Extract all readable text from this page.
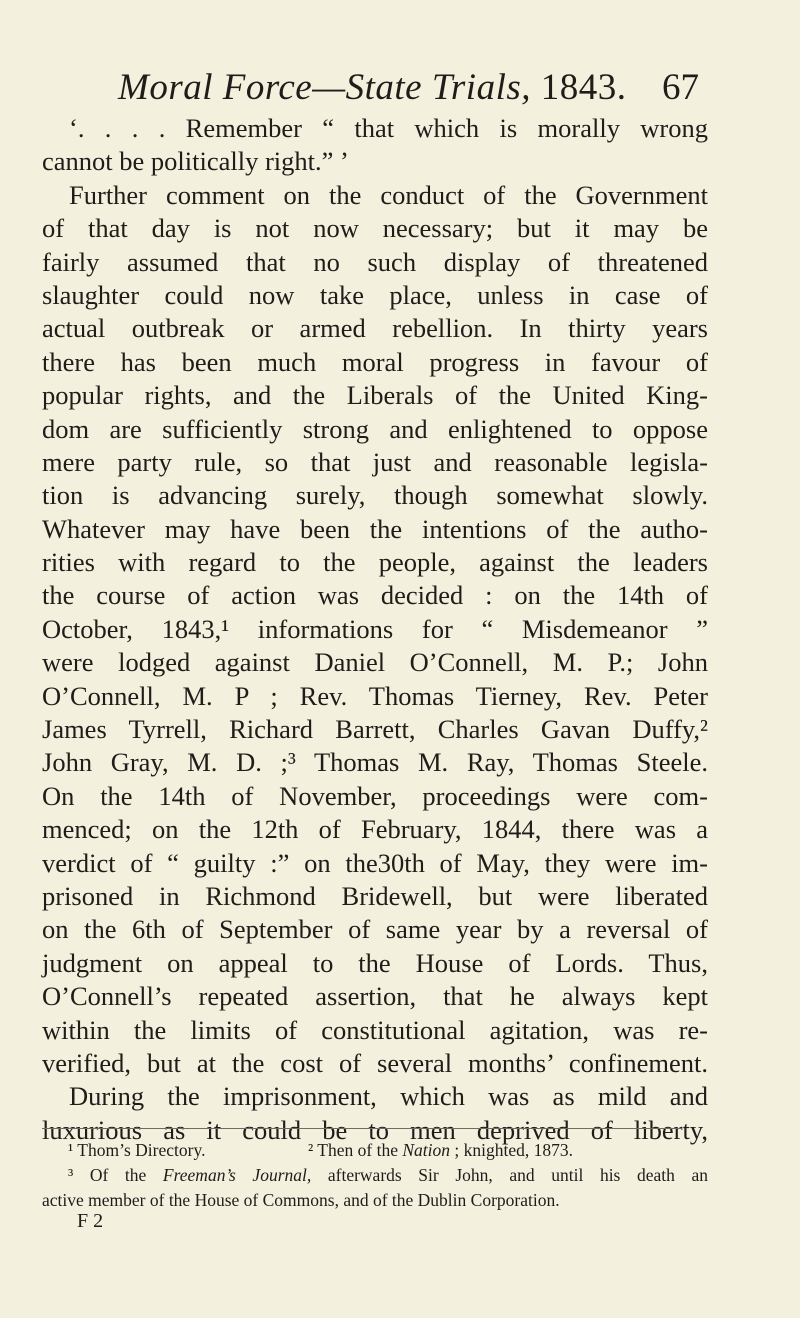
Moral Force—State Trials, 1843. 67
‘. . . . Remember “ that which is morally wrong
cannot be politically right.” ’
Further comment on the conduct of the Government
of that day is not now necessary; but it may be
fairly assumed that no such display of threatened
slaughter could now take place, unless in case of
actual outbreak or armed rebellion. In thirty years
there has been much moral progress in favour of
popular rights, and the Liberals of the United King-
dom are sufficiently strong and enlightened to oppose
mere party rule, so that just and reasonable legisla-
tion is advancing surely, though somewhat slowly.
Whatever may have been the intentions of the autho-
rities with regard to the people, against the leaders
the course of action was decided : on the 14th of
October, 1843,¹ informations for “ Misdemeanor ”
were lodged against Daniel O’Connell, M. P.; John
O’Connell, M. P ; Rev. Thomas Tierney, Rev. Peter
James Tyrrell, Richard Barrett, Charles Gavan Duffy,²
John Gray, M. D. ;³ Thomas M. Ray, Thomas Steele.
On the 14th of November, proceedings were com-
menced; on the 12th of February, 1844, there was a
verdict of “ guilty :” on the30th of May, they were im-
prisoned in Richmond Bridewell, but were liberated
on the 6th of September of same year by a reversal of
judgment on appeal to the House of Lords. Thus,
O’Connell’s repeated assertion, that he always kept
within the limits of constitutional agitation, was re-
verified, but at the cost of several months’ confinement.
During the imprisonment, which was as mild and
luxurious as it could be to men deprived of liberty,
¹ Thom’s Directory.	² Then of the Nation ; knighted, 1873.
³ Of the Freeman’s Journal, afterwards Sir John, and until his death an
active member of the House of Commons, and of the Dublin Corporation.
F 2
